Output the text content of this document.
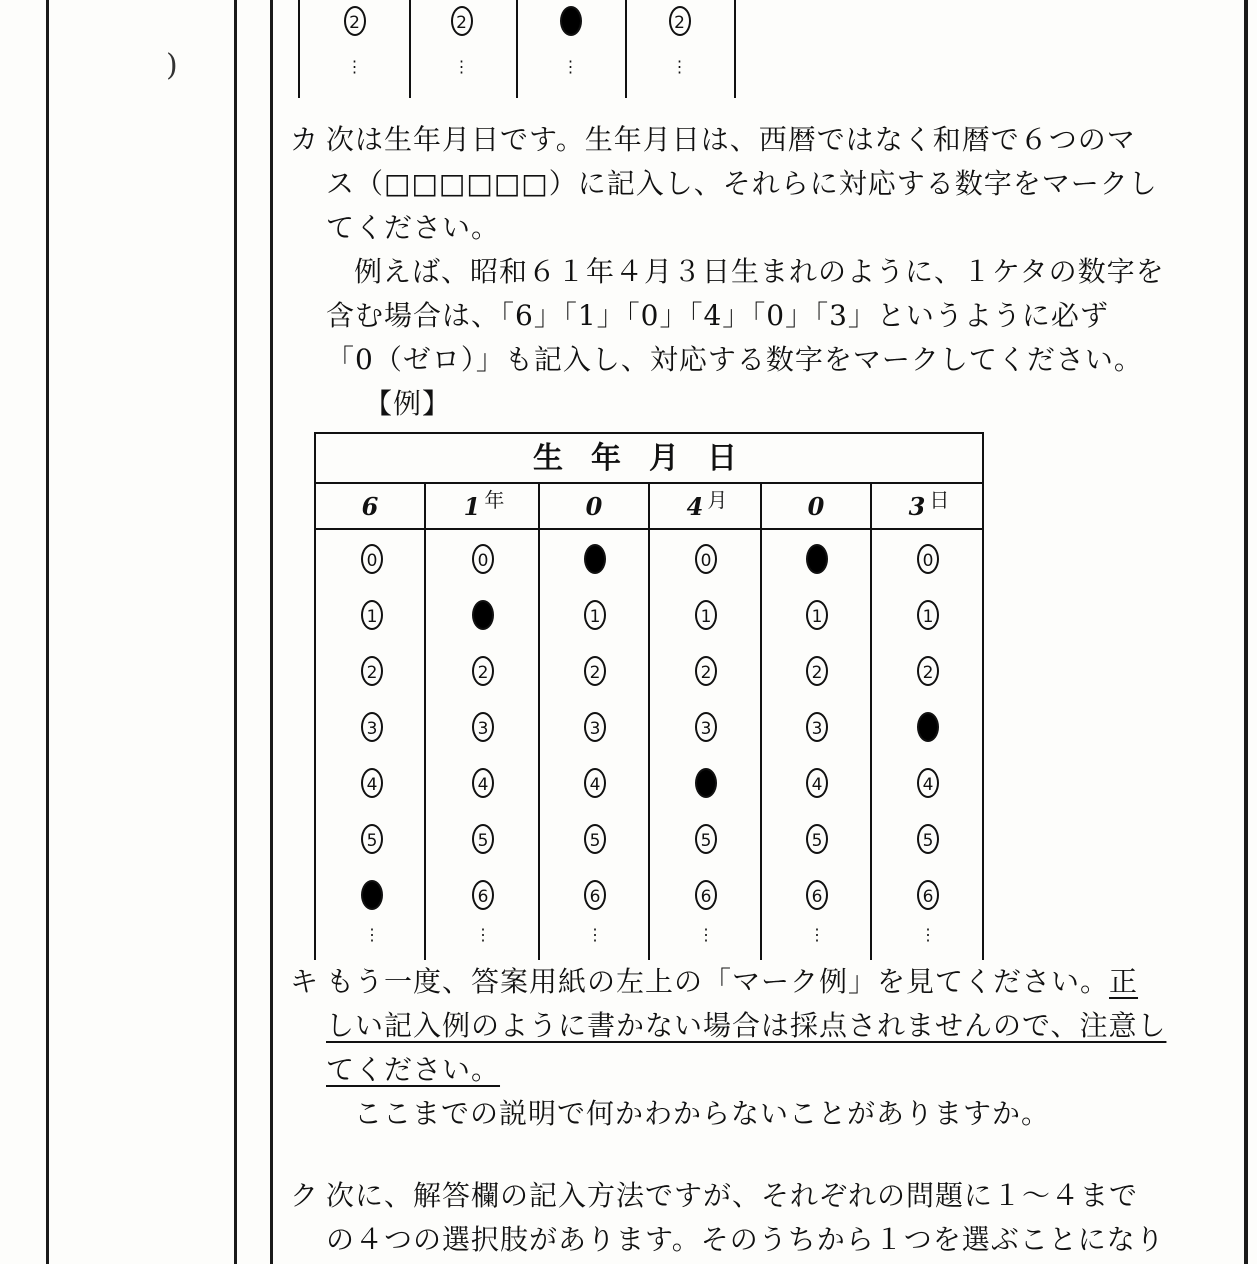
)
2
⋮
2
⋮	⋮
2
⋮
カ 次は生年月日です。生年月日は、西暦ではなく和暦で６つのマ
ス（□□□□□□）に記入し、それらに対応する数字をマークし
てください。
例えば、昭和６１年４月３日生まれのように、１ケタの数字を
含む場合は、「6」「1」「0」「4」「0」「3」というように必ず
「0（ゼロ）」も記入し、対応する数字をマークしてください。
【例】
生年月日
6
0
1
2
3
4
5
⋮
1 $^年$
0
2
3
4
5
6
⋮
0
1
2
3
4
5
6
⋮
4 $^月$
0
1
2
3
5
6
⋮
0
1
2
3
4
5
6
⋮
3 $^日$
0
1
2
4
5
6
⋮
キ もう一度、答案用紙の左上の「マーク例」を見てください。正
しい記入例のように書かない場合は採点されませんので、注意し
てください。
ここまでの説明で何かわからないことがありますか。
ク 次に、解答欄の記入方法ですが、それぞれの問題に１～４まで
の４つの選択肢があります。そのうちから１つを選ぶことになり
